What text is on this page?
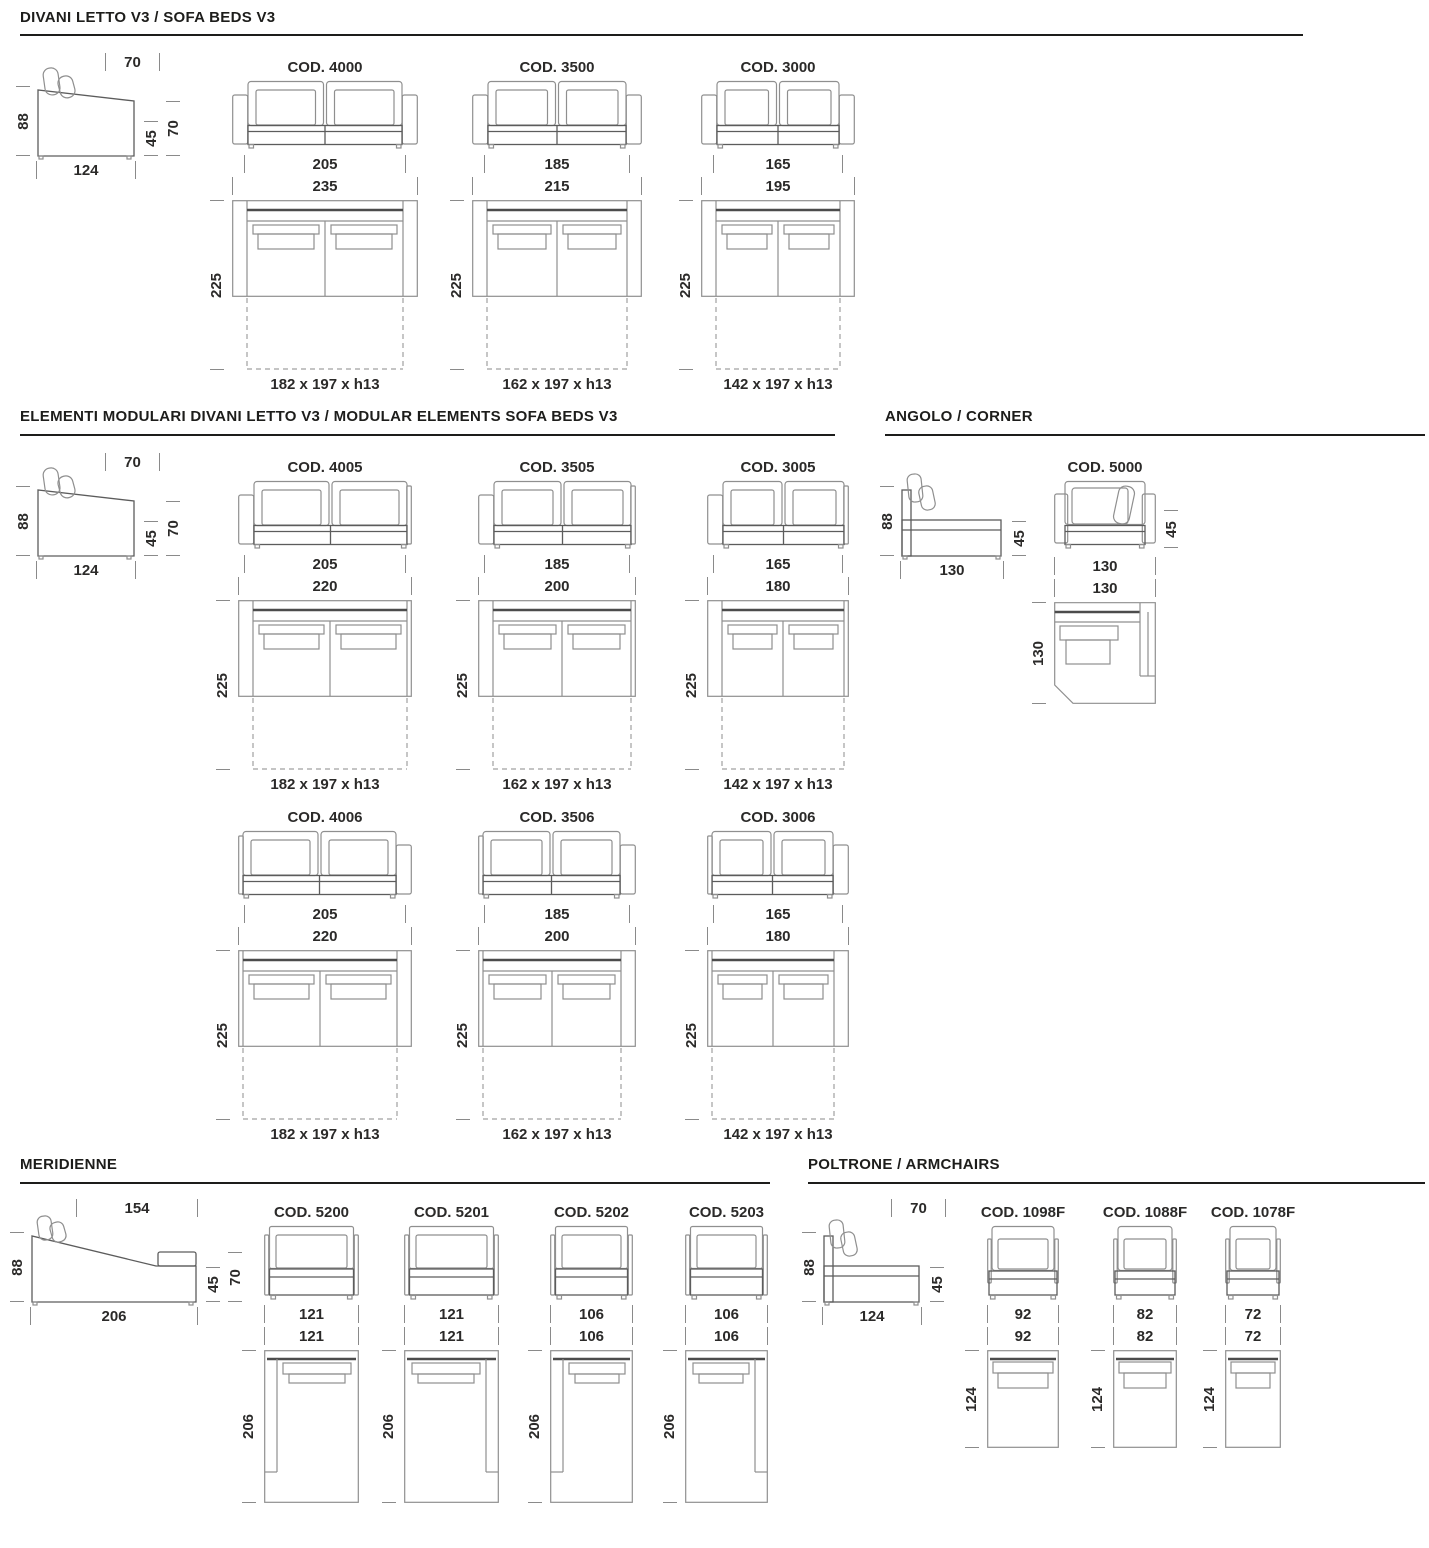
DIVANI LETTO V3 / SOFA BEDS V3
ELEMENTI MODULARI DIVANI LETTO V3 / MODULAR ELEMENTS SOFA BEDS V3	ANGOLO / CORNER
MERIDIENNE	POLTRONE / ARMCHAIRS
70
88
124
45
70
COD. 4000
205
235
225
182 x 197 x h13
COD. 3500
185
215
225
162 x 197 x h13
COD. 3000
165
195
225
142 x 197 x h13
70
88
124
45
70
COD. 4005
205
220
225
182 x 197 x h13
COD. 3505
185
200
225
162 x 197 x h13
COD. 3005
165
180
225
142 x 197 x h13
COD. 4006
205
220
225
182 x 197 x h13
COD. 3506
185
200
225
162 x 197 x h13
COD. 3006
165
180
225
142 x 197 x h13
88
130
45
COD. 5000
45
130
130
130
154
88
206
45 70
COD. 5200
121
121
206
COD. 5201
121
121
206
COD. 5202
106
106
206
COD. 5203
106
106
206
70
88
124
45
COD. 1098F
92
92
124
COD. 1088F
82
82
124
COD. 1078F
72
72
124
